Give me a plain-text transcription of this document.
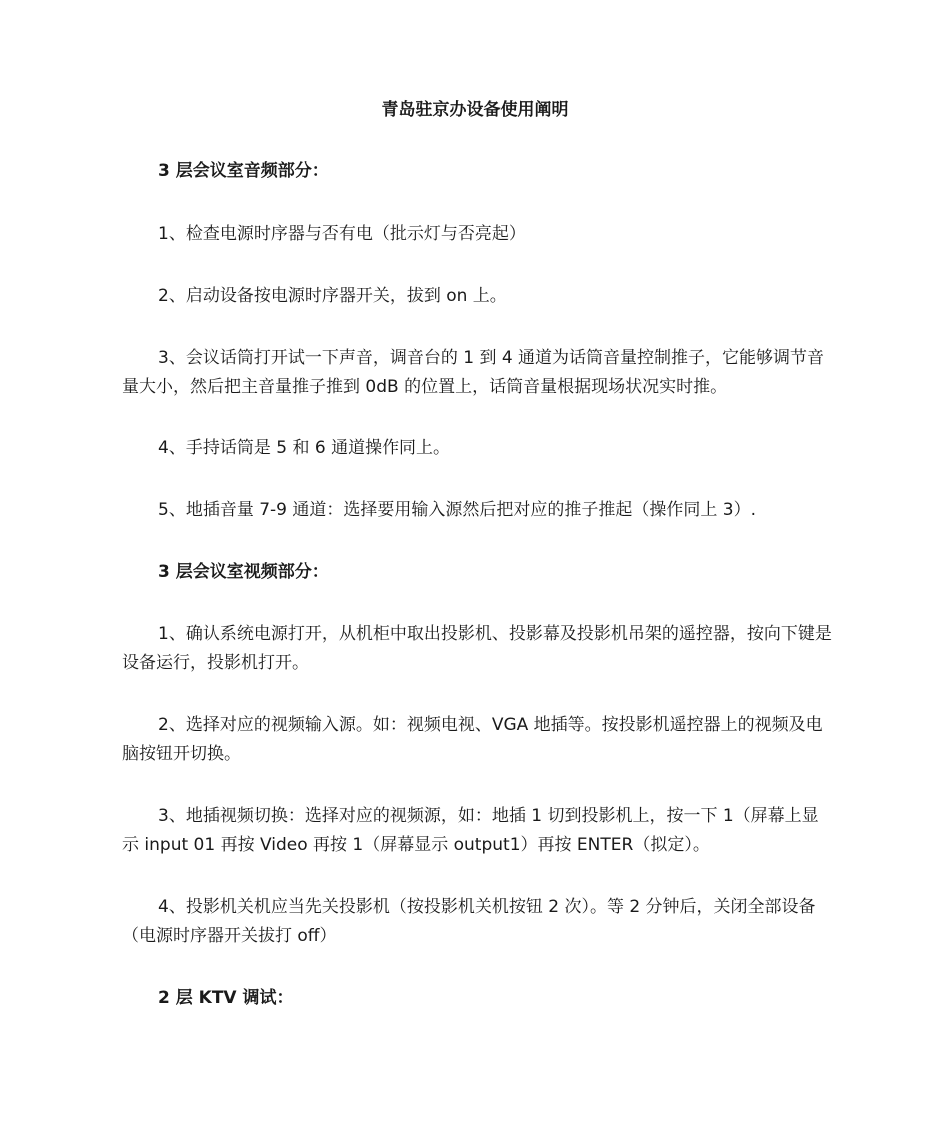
青岛驻京办设备使用阐明

3 层会议室音频部分：

1、检查电源时序器与否有电（批示灯与否亮起）

2、启动设备按电源时序器开关，拔到 on 上。

3、会议话筒打开试一下声音，调音台的 1 到 4 通道为话筒音量控制推子，它能够调节音量大小，然后把主音量推子推到 0dB 的位置上，话筒音量根据现场状况实时推。

4、手持话筒是 5 和 6 通道操作同上。

5、地插音量 7-9 通道：选择要用输入源然后把对应的推子推起（操作同上 3）.

3 层会议室视频部分：

1、确认系统电源打开，从机柜中取出投影机、投影幕及投影机吊架的遥控器，按向下键是设备运行，投影机打开。

2、选择对应的视频输入源。如：视频电视、VGA 地插等。按投影机遥控器上的视频及电脑按钮开切换。

3、地插视频切换：选择对应的视频源，如：地插 1 切到投影机上，按一下 1（屏幕上显示 input 01 再按 Video 再按 1（屏幕显示 output1）再按 ENTER（拟定）。

4、投影机关机应当先关投影机（按投影机关机按钮 2 次）。等 2 分钟后，关闭全部设备（电源时序器开关拔打 off）

2 层 KTV 调试：
